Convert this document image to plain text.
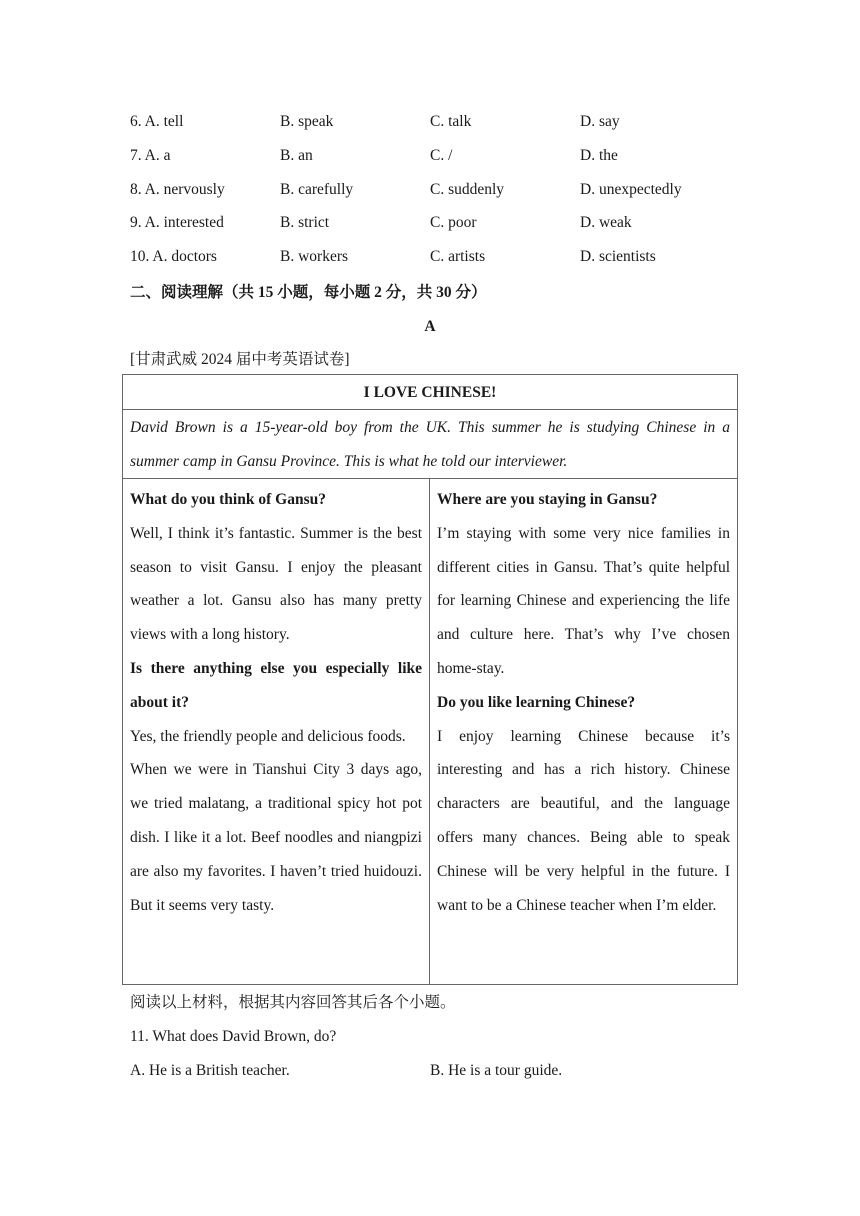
6. A. tell	B. speak	C. talk	D. say
7. A. a	B. an	C. /	D. the
8. A. nervously	B. carefully	C. suddenly	D. unexpectedly
9. A. interested	B. strict	C. poor	D. weak
10. A. doctors	B. workers	C. artists	D. scientists
二、阅读理解（共 15 小题，每小题 2 分，共 30 分）
A
[甘肃武威 2024 届中考英语试卷]
I LOVE CHINESE!
David Brown is a 15-year-old boy from the UK. This summer he is studying Chinese in a summer camp in Gansu Province. This is what he told our interviewer.

What do you think of Gansu?

Well, I think it’s fantastic. Summer is the best season to visit Gansu. I enjoy the pleasant weather a lot. Gansu also has many pretty views with a long history.

Is there anything else you especially like about it?

Yes, the friendly people and delicious foods.

When we were in Tianshui City 3 days ago, we tried malatang, a traditional spicy hot pot dish. I like it a lot. Beef noodles and niangpizi are also my favorites. I haven’t tried huidouzi. But it seems very tasty.

Where are you staying in Gansu?

I’m staying with some very nice families in different cities in Gansu. That’s quite helpful for learning Chinese and experiencing the life and culture here. That’s why I’ve chosen home-stay.

Do you like learning Chinese?

I enjoy learning Chinese because it’s interesting and has a rich history. Chinese characters are beautiful, and the language offers many chances. Being able to speak Chinese will be very helpful in the future. I want to be a Chinese teacher when I’m elder.

阅读以上材料，根据其内容回答其后各个小题。
11. What does David Brown, do?
A. He is a British teacher.	B. He is a tour guide.
